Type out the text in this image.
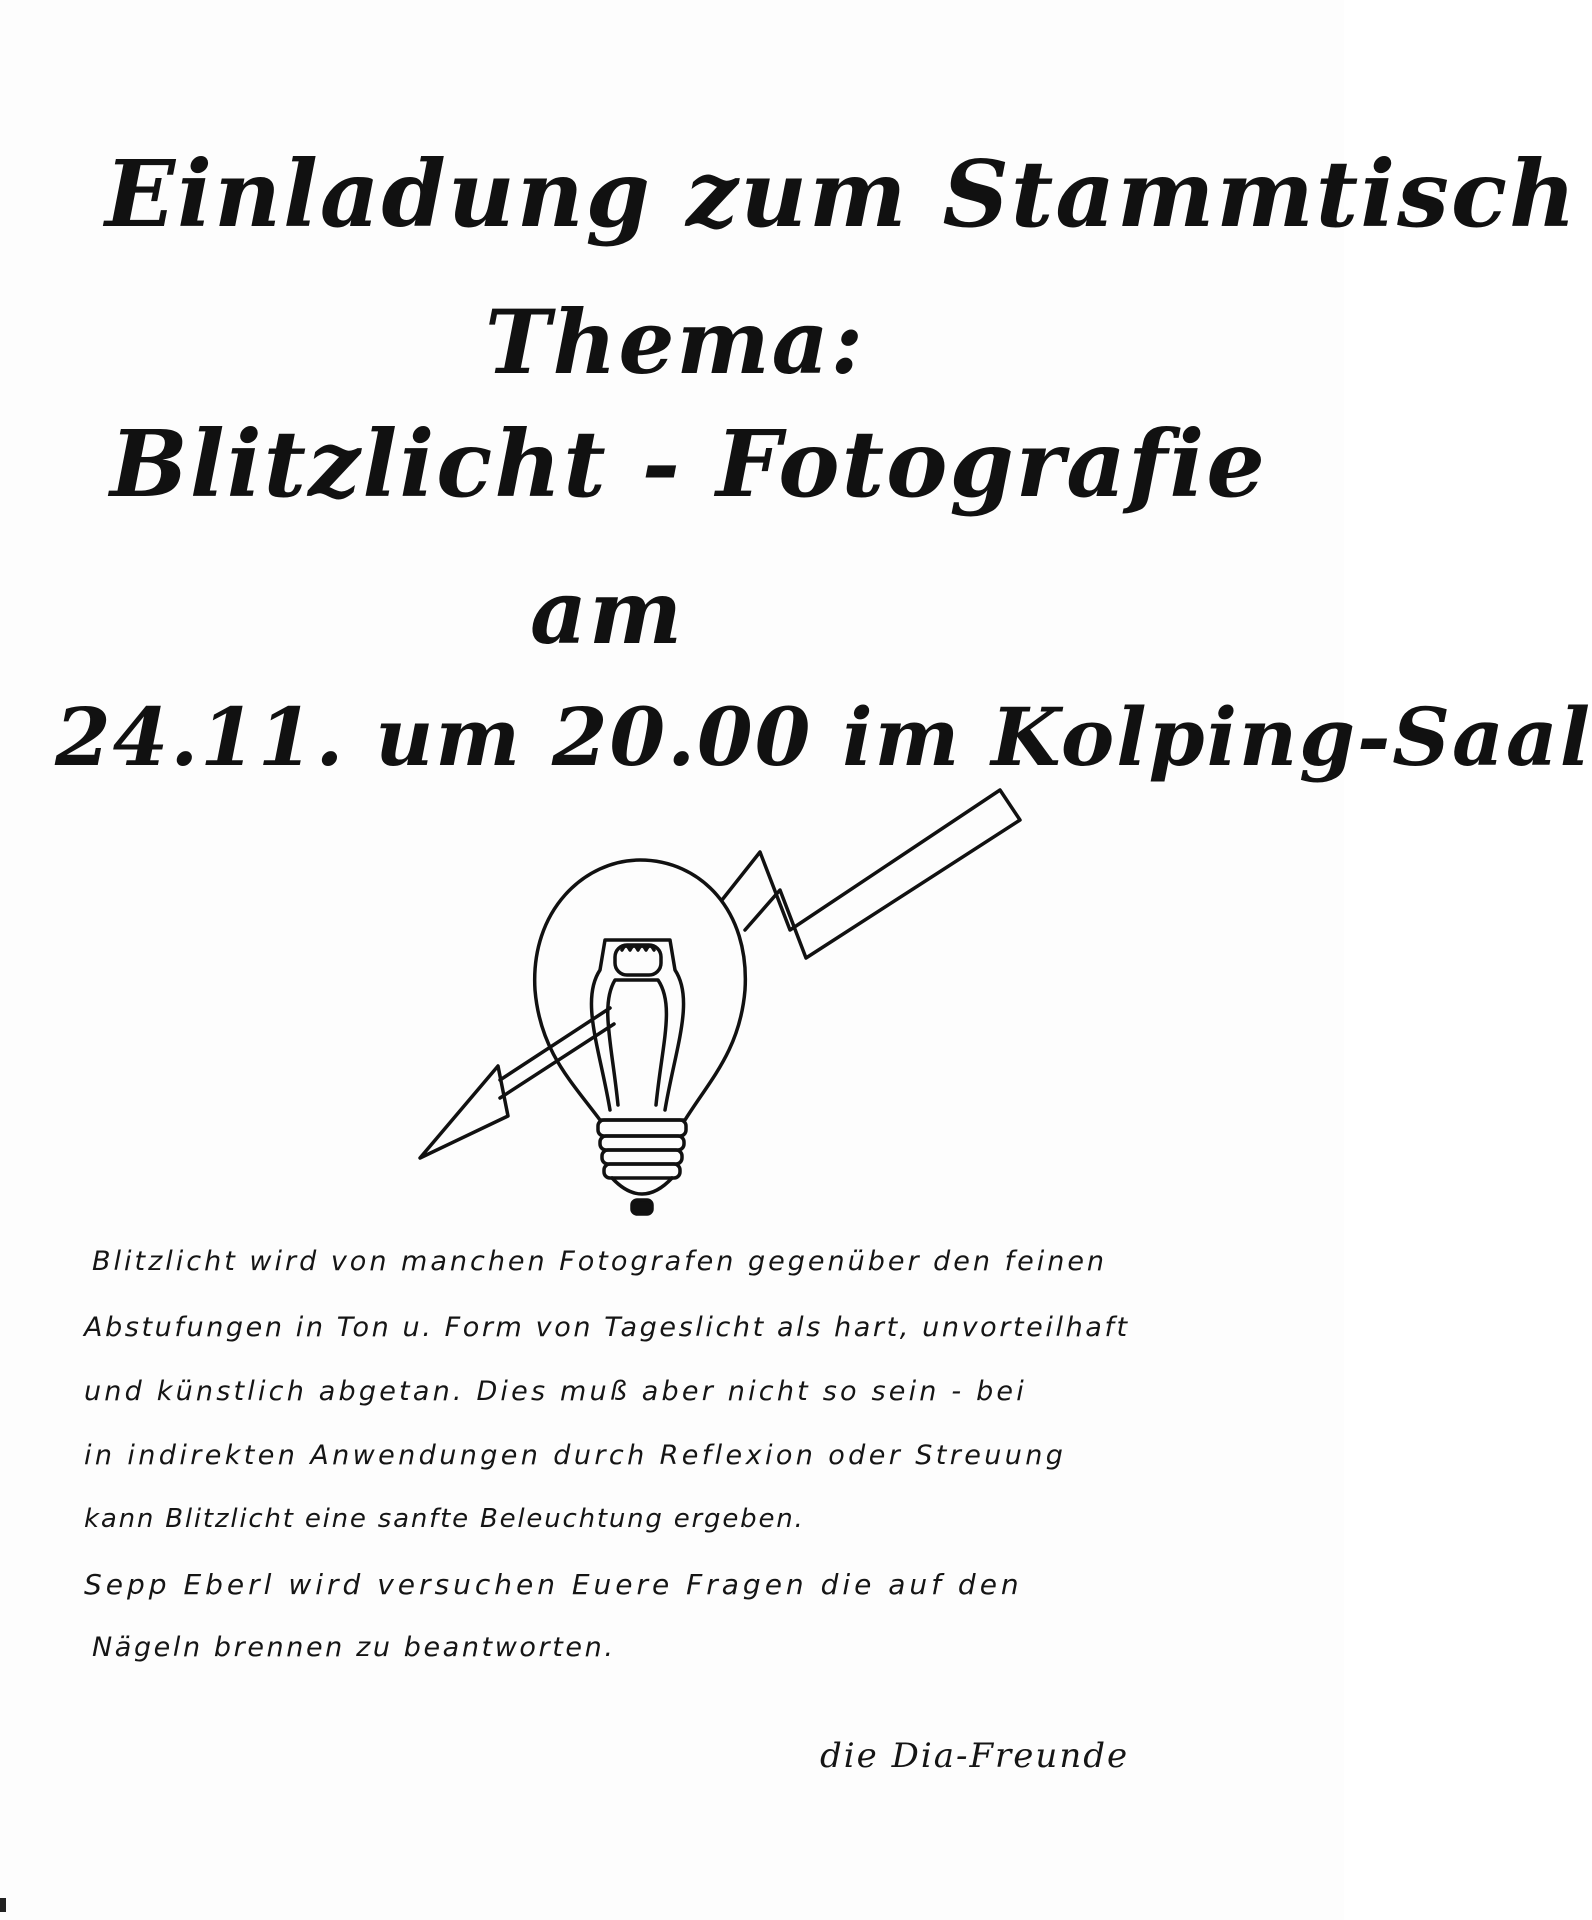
Einladung zum Stammtisch
Thema:
Blitzlicht - Fotografie
am
24.11. um 20.00 im Kolping-Saal
Blitzlicht wird von manchen Fotografen gegenüber den feinen
Abstufungen in Ton u. Form von Tageslicht als hart, unvorteilhaft
und künstlich abgetan. Dies muß aber nicht so sein - bei
in indirekten Anwendungen durch Reflexion oder Streuung
kann Blitzlicht eine sanfte Beleuchtung ergeben.
Sepp Eberl wird versuchen Euere Fragen die auf den
Nägeln brennen zu beantworten.
die Dia-Freunde
